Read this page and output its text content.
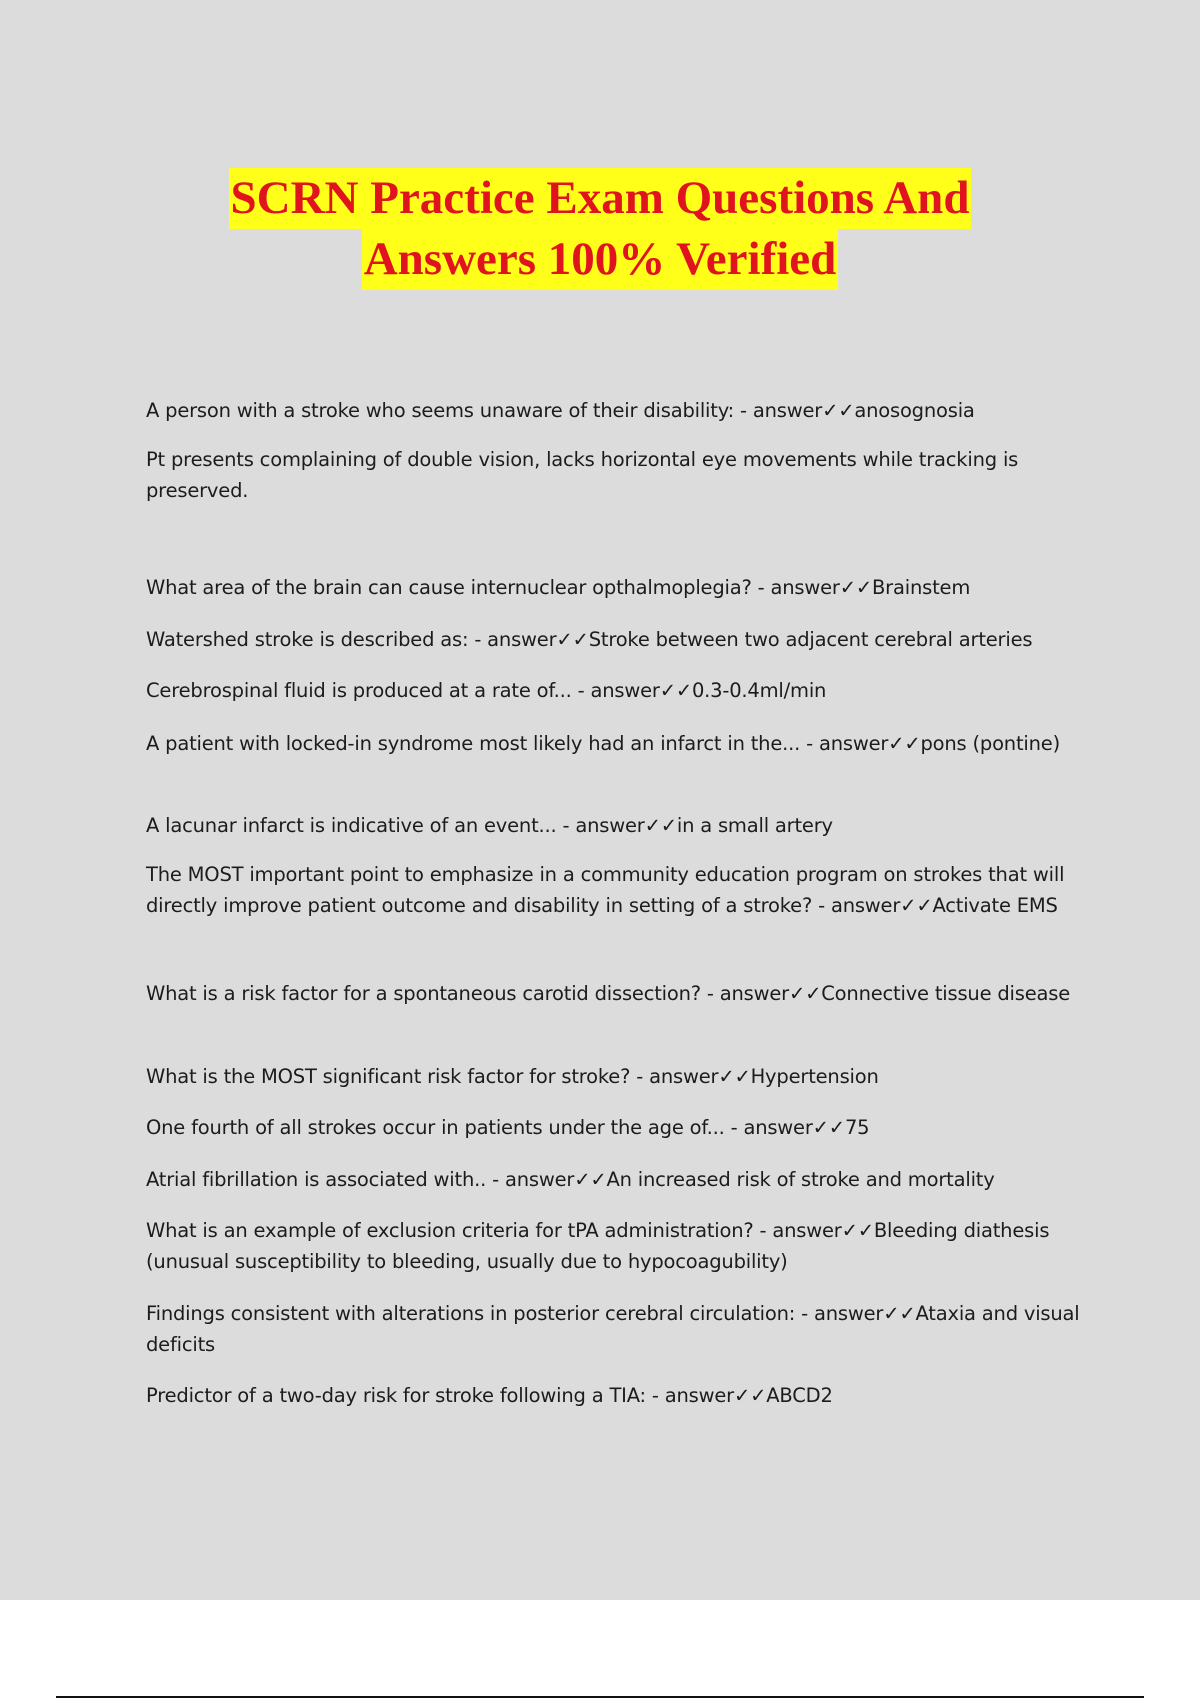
SCRN Practice Exam Questions And
Answers 100% Verified

A person with a stroke who seems unaware of their disability: - answer✓✓anosognosia

Pt presents complaining of double vision, lacks horizontal eye movements while tracking is preserved.

What area of the brain can cause internuclear opthalmoplegia? - answer✓✓Brainstem

Watershed stroke is described as: - answer✓✓Stroke between two adjacent cerebral arteries

Cerebrospinal fluid is produced at a rate of... - answer✓✓0.3-0.4ml/min

A patient with locked-in syndrome most likely had an infarct in the... - answer✓✓pons (pontine)

A lacunar infarct is indicative of an event... - answer✓✓in a small artery

The MOST important point to emphasize in a community education program on strokes that will directly improve patient outcome and disability in setting of a stroke? - answer✓✓Activate EMS

What is a risk factor for a spontaneous carotid dissection? - answer✓✓Connective tissue disease

What is the MOST significant risk factor for stroke? - answer✓✓Hypertension

One fourth of all strokes occur in patients under the age of... - answer✓✓75

Atrial fibrillation is associated with.. - answer✓✓An increased risk of stroke and mortality

What is an example of exclusion criteria for tPA administration? - answer✓✓Bleeding diathesis (unusual susceptibility to bleeding, usually due to hypocoagubility)

Findings consistent with alterations in posterior cerebral circulation: - answer✓✓Ataxia and visual deficits

Predictor of a two-day risk for stroke following a TIA: - answer✓✓ABCD2
